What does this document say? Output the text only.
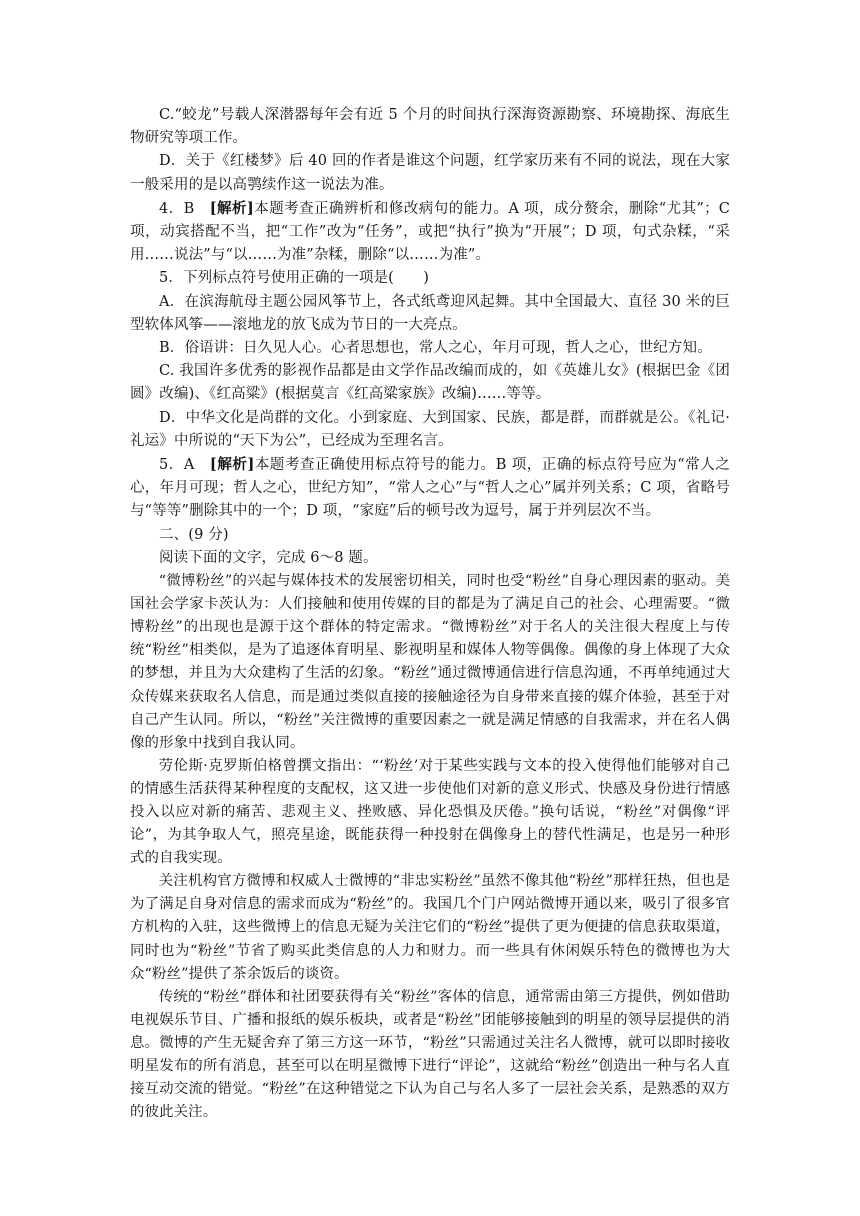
C.“蛟龙”号载人深潜器每年会有近 5 个月的时间执行深海资源勘察、环境勘探、海底生物研究等项工作。

D．关于《红楼梦》后 40 回的作者是谁这个问题，红学家历来有不同的说法，现在大家一般采用的是以高鹗续作这一说法为准。

4．B　[解析]本题考查正确辨析和修改病句的能力。A 项，成分赘余，删除“尤其”；C 项，动宾搭配不当，把“工作”改为“任务”，或把“执行”换为“开展”；D 项，句式杂糅，“采用……说法”与“以……为准”杂糅，删除“以……为准”。

5．下列标点符号使用正确的一项是(　　)

A．在滨海航母主题公园风筝节上，各式纸鸢迎风起舞。其中全国最大、直径 30 米的巨型软体风筝——滚地龙的放飞成为节日的一大亮点。

B．俗语讲：日久见人心。心者思想也，常人之心，年月可现，哲人之心，世纪方知。

C. 我国许多优秀的影视作品都是由文学作品改编而成的，如《英雄儿女》(根据巴金《团圆》改编)、《红高粱》(根据莫言《红高粱家族》改编)……等等。

D．中华文化是尚群的文化。小到家庭、大到国家、民族，都是群，而群就是公。《礼记·礼运》中所说的“天下为公”，已经成为至理名言。

5．A　[解析]本题考查正确使用标点符号的能力。B 项，正确的标点符号应为“常人之心，年月可现；哲人之心，世纪方知”，“常人之心”与“哲人之心”属并列关系；C 项，省略号与“等等”删除其中的一个；D 项，“家庭”后的顿号改为逗号，属于并列层次不当。

二、(9 分)

阅读下面的文字，完成 6～8 题。

“微博粉丝”的兴起与媒体技术的发展密切相关，同时也受“粉丝”自身心理因素的驱动。美国社会学家卡茨认为：人们接触和使用传媒的目的都是为了满足自己的社会、心理需要。“微博粉丝”的出现也是源于这个群体的特定需求。“微博粉丝”对于名人的关注很大程度上与传统“粉丝”相类似，是为了追逐体育明星、影视明星和媒体人物等偶像。偶像的身上体现了大众的梦想，并且为大众建构了生活的幻象。“粉丝”通过微博通信进行信息沟通，不再单纯通过大众传媒来获取名人信息，而是通过类似直接的接触途径为自身带来直接的媒介体验，甚至于对自己产生认同。所以，“粉丝”关注微博的重要因素之一就是满足情感的自我需求，并在名人偶像的形象中找到自我认同。

劳伦斯·克罗斯伯格曾撰文指出：“‘粉丝’对于某些实践与文本的投入使得他们能够对自己的情感生活获得某种程度的支配权，这又进一步使他们对新的意义形式、快感及身份进行情感投入以应对新的痛苦、悲观主义、挫败感、异化恐惧及厌倦。”换句话说，“粉丝”对偶像“评论”，为其争取人气，照亮星途，既能获得一种投射在偶像身上的替代性满足，也是另一种形式的自我实现。

关注机构官方微博和权威人士微博的“非忠实粉丝”虽然不像其他“粉丝”那样狂热，但也是为了满足自身对信息的需求而成为“粉丝”的。我国几个门户网站微博开通以来，吸引了很多官方机构的入驻，这些微博上的信息无疑为关注它们的“粉丝”提供了更为便捷的信息获取渠道，同时也为“粉丝”节省了购买此类信息的人力和财力。而一些具有休闲娱乐特色的微博也为大众“粉丝”提供了茶余饭后的谈资。

传统的“粉丝”群体和社团要获得有关“粉丝”客体的信息，通常需由第三方提供，例如借助电视娱乐节目、广播和报纸的娱乐板块，或者是“粉丝”团能够接触到的明星的领导层提供的消息。微博的产生无疑舍弃了第三方这一环节，“粉丝”只需通过关注名人微博，就可以即时接收明星发布的所有消息，甚至可以在明星微博下进行“评论”，这就给“粉丝”创造出一种与名人直接互动交流的错觉。“粉丝”在这种错觉之下认为自己与名人多了一层社会关系，是熟悉的双方的彼此关注。
